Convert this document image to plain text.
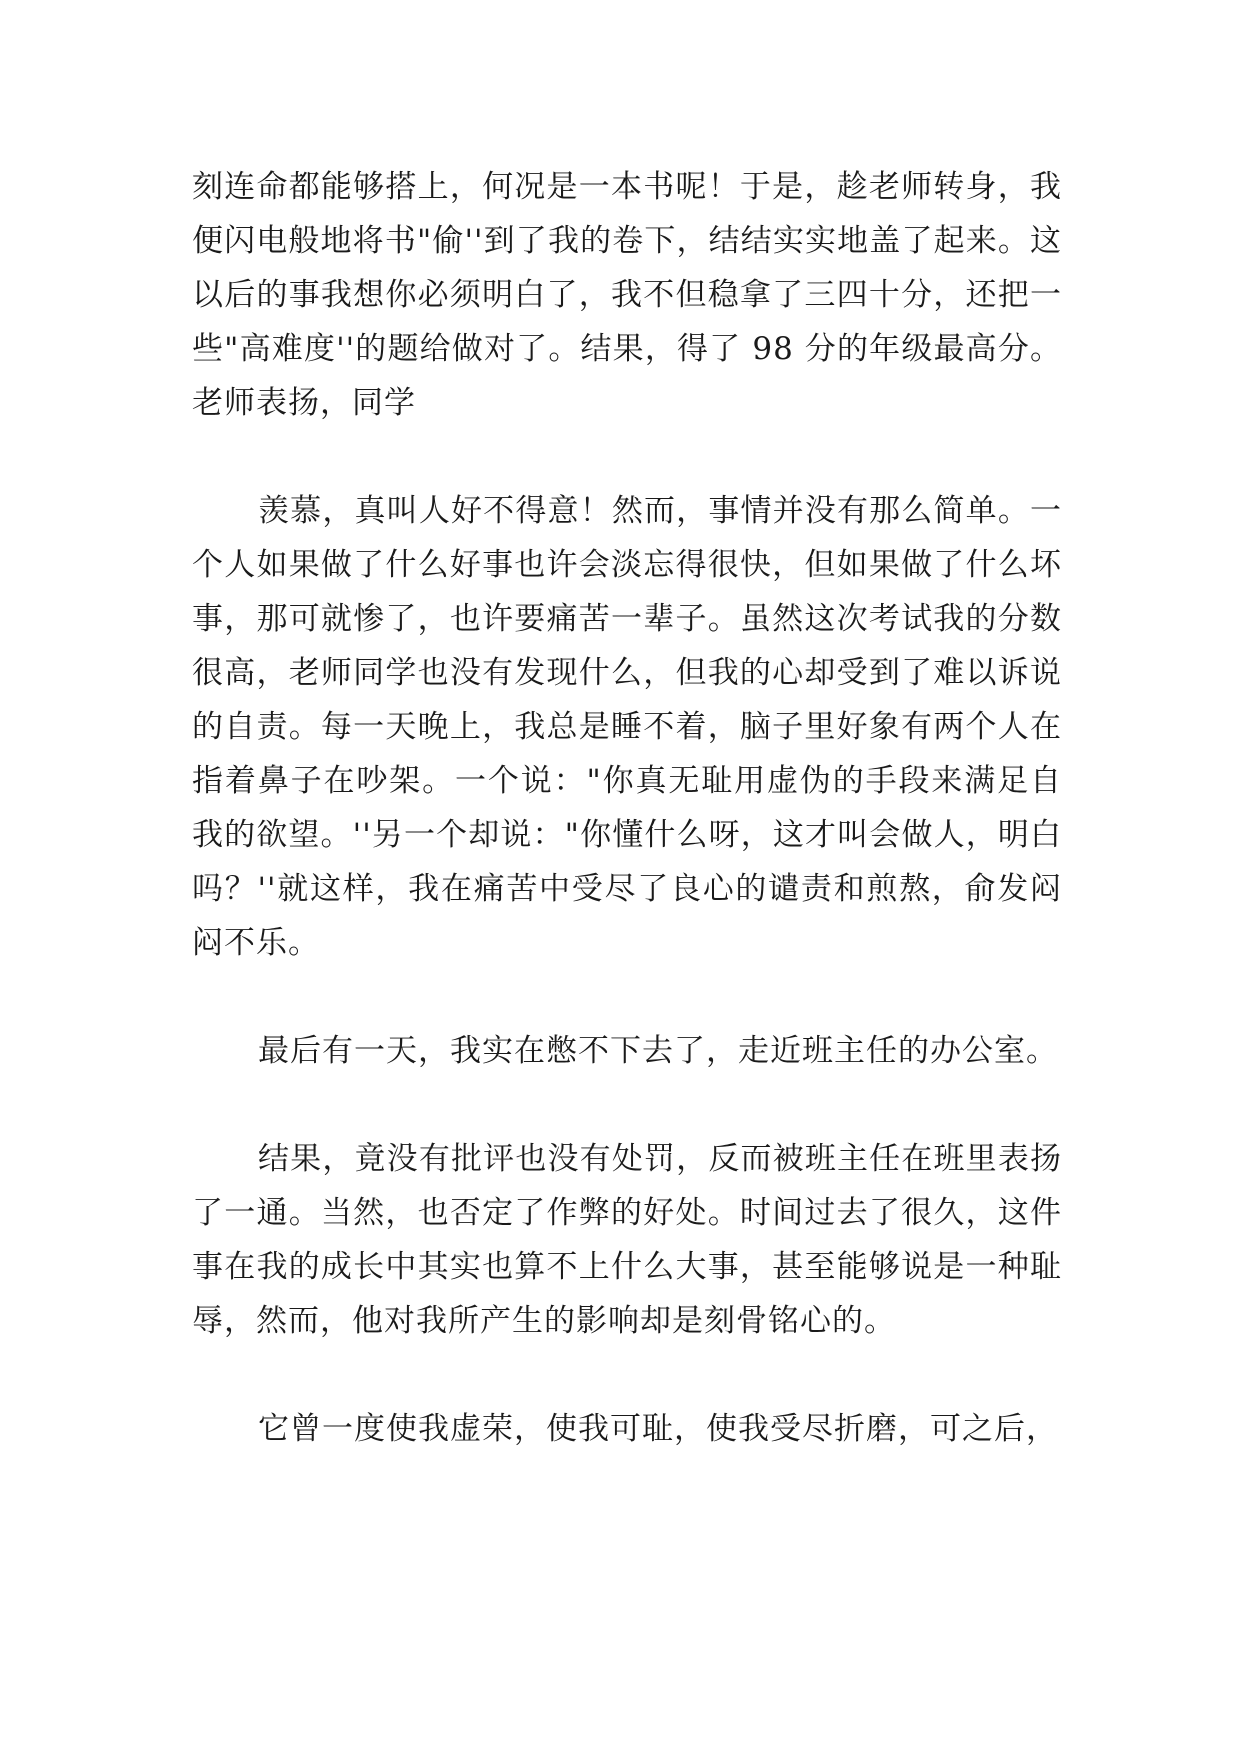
刻连命都能够搭上，何况是一本书呢！于是，趁老师转身，我便闪电般地将书"偷''到了我的卷下，结结实实地盖了起来。这以后的事我想你必须明白了，我不但稳拿了三四十分，还把一些"高难度''的题给做对了。结果，得了 98 分的年级最高分。老师表扬，同学

羡慕，真叫人好不得意！然而，事情并没有那么简单。一个人如果做了什么好事也许会淡忘得很快，但如果做了什么坏事，那可就惨了，也许要痛苦一辈子。虽然这次考试我的分数很高，老师同学也没有发现什么，但我的心却受到了难以诉说的自责。每一天晚上，我总是睡不着，脑子里好象有两个人在指着鼻子在吵架。一个说："你真无耻用虚伪的手段来满足自我的欲望。''另一个却说："你懂什么呀，这才叫会做人，明白吗？''就这样，我在痛苦中受尽了良心的谴责和煎熬，俞发闷闷不乐。

最后有一天，我实在憋不下去了，走近班主任的办公室。

结果，竟没有批评也没有处罚，反而被班主任在班里表扬了一通。当然，也否定了作弊的好处。时间过去了很久，这件事在我的成长中其实也算不上什么大事，甚至能够说是一种耻辱，然而，他对我所产生的影响却是刻骨铭心的。

它曾一度使我虚荣，使我可耻，使我受尽折磨，可之后，
